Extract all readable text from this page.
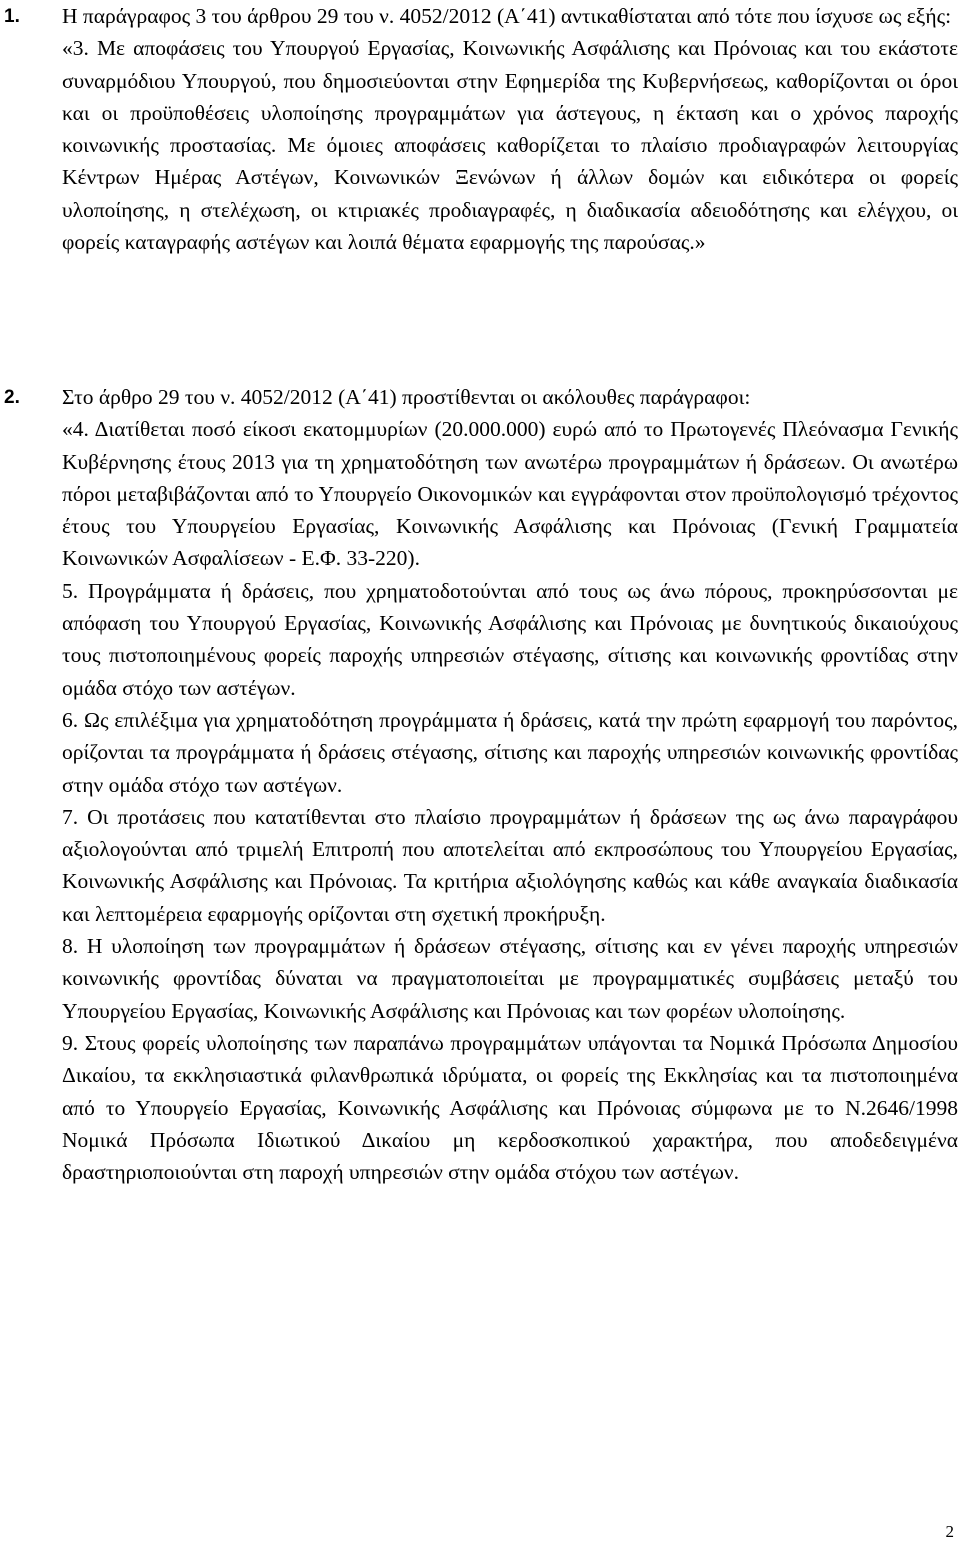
1. Η παράγραφος 3 του άρθρου 29 του ν. 4052/2012 (Α΄41) αντικαθίσταται από τότε που ίσχυσε ως εξής:

«3. Με αποφάσεις του Υπουργού Εργασίας, Κοινωνικής Ασφάλισης και Πρόνοιας και του εκάστοτε συναρμόδιου Υπουργού, που δημοσιεύονται στην Εφημερίδα της Κυβερνήσεως, καθορίζονται οι όροι και οι προϋποθέσεις υλοποίησης προγραμμάτων για άστεγους, η έκταση και ο χρόνος παροχής κοινωνικής προστασίας. Με όμοιες αποφάσεις καθορίζεται το πλαίσιο προδιαγραφών λειτουργίας Κέντρων Ημέρας Αστέγων, Κοινωνικών Ξενώνων ή άλλων δομών και ειδικότερα οι φορείς υλοποίησης, η στελέχωση, οι κτιριακές προδιαγραφές, η διαδικασία αδειοδότησης και ελέγχου, οι φορείς καταγραφής αστέγων και λοιπά θέματα εφαρμογής της παρούσας.»

2. Στο άρθρο 29 του ν. 4052/2012 (Α΄41) προστίθενται οι ακόλουθες παράγραφοι:

«4. Διατίθεται ποσό είκοσι εκατομμυρίων (20.000.000) ευρώ από το Πρωτογενές Πλεόνασμα Γενικής Κυβέρνησης έτους 2013 για τη χρηματοδότηση των ανωτέρω προγραμμάτων ή δράσεων. Οι ανωτέρω πόροι μεταβιβάζονται από το Υπουργείο Οικονομικών και εγγράφονται στον προϋπολογισμό τρέχοντος έτους του Υπουργείου Εργασίας, Κοινωνικής Ασφάλισης και Πρόνοιας (Γενική Γραμματεία Κοινωνικών Ασφαλίσεων - Ε.Φ. 33-220).

5. Προγράμματα ή δράσεις, που χρηματοδοτούνται από τους ως άνω πόρους, προκηρύσσονται με απόφαση του Υπουργού Εργασίας, Κοινωνικής Ασφάλισης και Πρόνοιας με δυνητικούς δικαιούχους τους πιστοποιημένους φορείς παροχής υπηρεσιών στέγασης, σίτισης και κοινωνικής φροντίδας στην ομάδα στόχο των αστέγων.

6. Ως επιλέξιμα για χρηματοδότηση προγράμματα ή δράσεις, κατά την πρώτη εφαρμογή του παρόντος, ορίζονται τα προγράμματα ή δράσεις στέγασης, σίτισης και παροχής υπηρεσιών κοινωνικής φροντίδας στην ομάδα στόχο των αστέγων.

7. Οι προτάσεις που κατατίθενται στο πλαίσιο προγραμμάτων ή δράσεων της ως άνω παραγράφου αξιολογούνται από τριμελή Επιτροπή που αποτελείται από εκπροσώπους του Υπουργείου Εργασίας, Κοινωνικής Ασφάλισης και Πρόνοιας. Τα κριτήρια αξιολόγησης καθώς και κάθε αναγκαία διαδικασία και λεπτομέρεια εφαρμογής ορίζονται στη σχετική προκήρυξη.

8. Η υλοποίηση των προγραμμάτων ή δράσεων στέγασης, σίτισης και εν γένει παροχής υπηρεσιών κοινωνικής φροντίδας δύναται να πραγματοποιείται με προγραμματικές συμβάσεις μεταξύ του Υπουργείου Εργασίας, Κοινωνικής Ασφάλισης και Πρόνοιας και των φορέων υλοποίησης.

9. Στους φορείς υλοποίησης των παραπάνω προγραμμάτων υπάγονται τα Νομικά Πρόσωπα Δημοσίου Δικαίου, τα εκκλησιαστικά φιλανθρωπικά ιδρύματα, οι φορείς της Εκκλησίας και τα πιστοποιημένα από το Υπουργείο Εργασίας, Κοινωνικής Ασφάλισης και Πρόνοιας σύμφωνα με το Ν.2646/1998 Νομικά Πρόσωπα Ιδιωτικού Δικαίου μη κερδοσκοπικού χαρακτήρα, που αποδεδειγμένα δραστηριοποιούνται στη παροχή υπηρεσιών στην ομάδα στόχου των αστέγων.

2
